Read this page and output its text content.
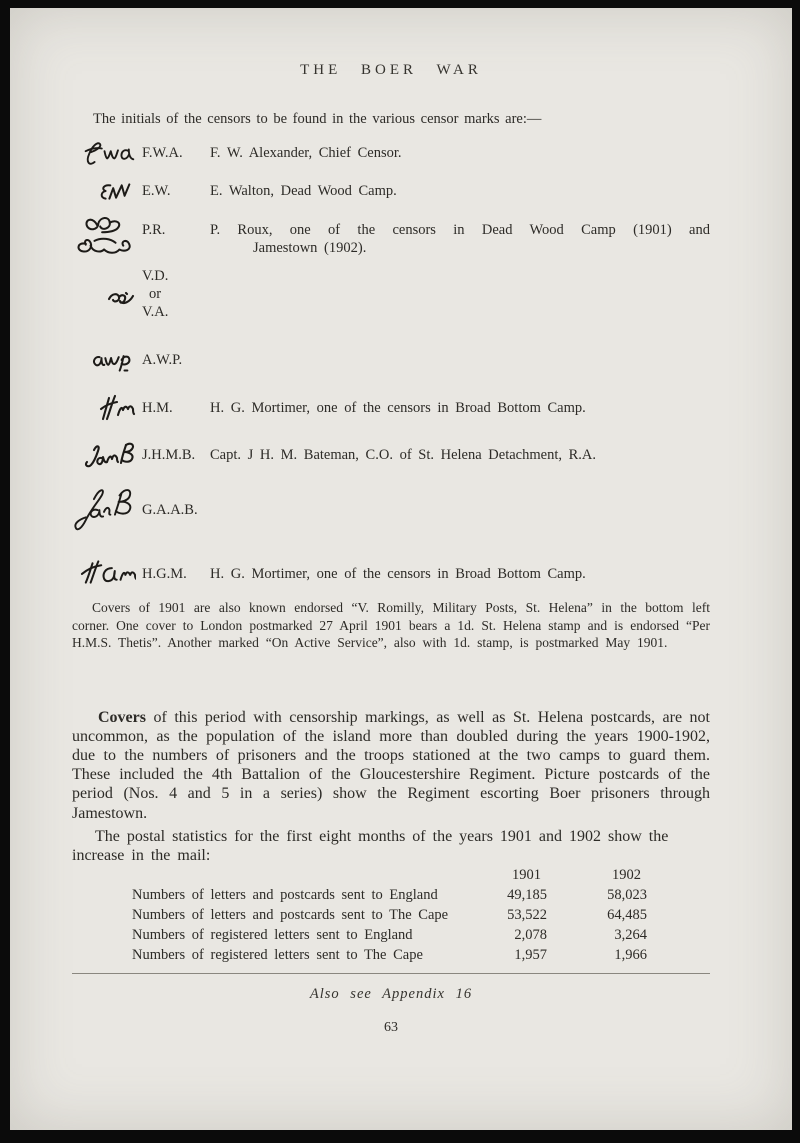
THE BOER WAR
The initials of the censors to be found in the various censor marks are:—
F.W.A.	F. W. Alexander, Chief Censor.
E.W.	E. Walton, Dead Wood Camp.
P.R.	P. Roux, one of the censors in Dead Wood Camp (1901) and
Jamestown (1902).
V.D.
or
V.A.
A.W.P.
H.M.	H. G. Mortimer, one of the censors in Broad Bottom Camp.
J.H.M.B.	Capt. J H. M. Bateman, C.O. of St. Helena Detachment, R.A.
G.A.A.B.
H.G.M.	H. G. Mortimer, one of the censors in Broad Bottom Camp.
Covers of 1901 are also known endorsed “V. Romilly, Military Posts, St. Helena” in the bottom left corner. One cover to London postmarked 27 April 1901 bears a 1d. St. Helena stamp and is endorsed “Per H.M.S. Thetis”. Another marked “On Active Service”, also with 1d. stamp, is postmarked May 1901.
Covers of this period with censorship markings, as well as St. Helena postcards, are not uncommon, as the population of the island more than doubled during the years 1900-1902, due to the numbers of prisoners and the troops stationed at the two camps to guard them. These included the 4th Battalion of the Gloucestershire Regiment. Picture postcards of the period (Nos. 4 and 5 in a series) show the Regiment escorting Boer prisoners through Jamestown.
The postal statistics for the first eight months of the years 1901 and 1902 show the increase in the mail:
1901	1902
Numbers of letters and postcards sent to England	49,185	58,023
Numbers of letters and postcards sent to The Cape	53,522	64,485
Numbers of registered letters sent to England	2,078	3,264
Numbers of registered letters sent to The Cape	1,957	1,966
Also see Appendix 16
63
